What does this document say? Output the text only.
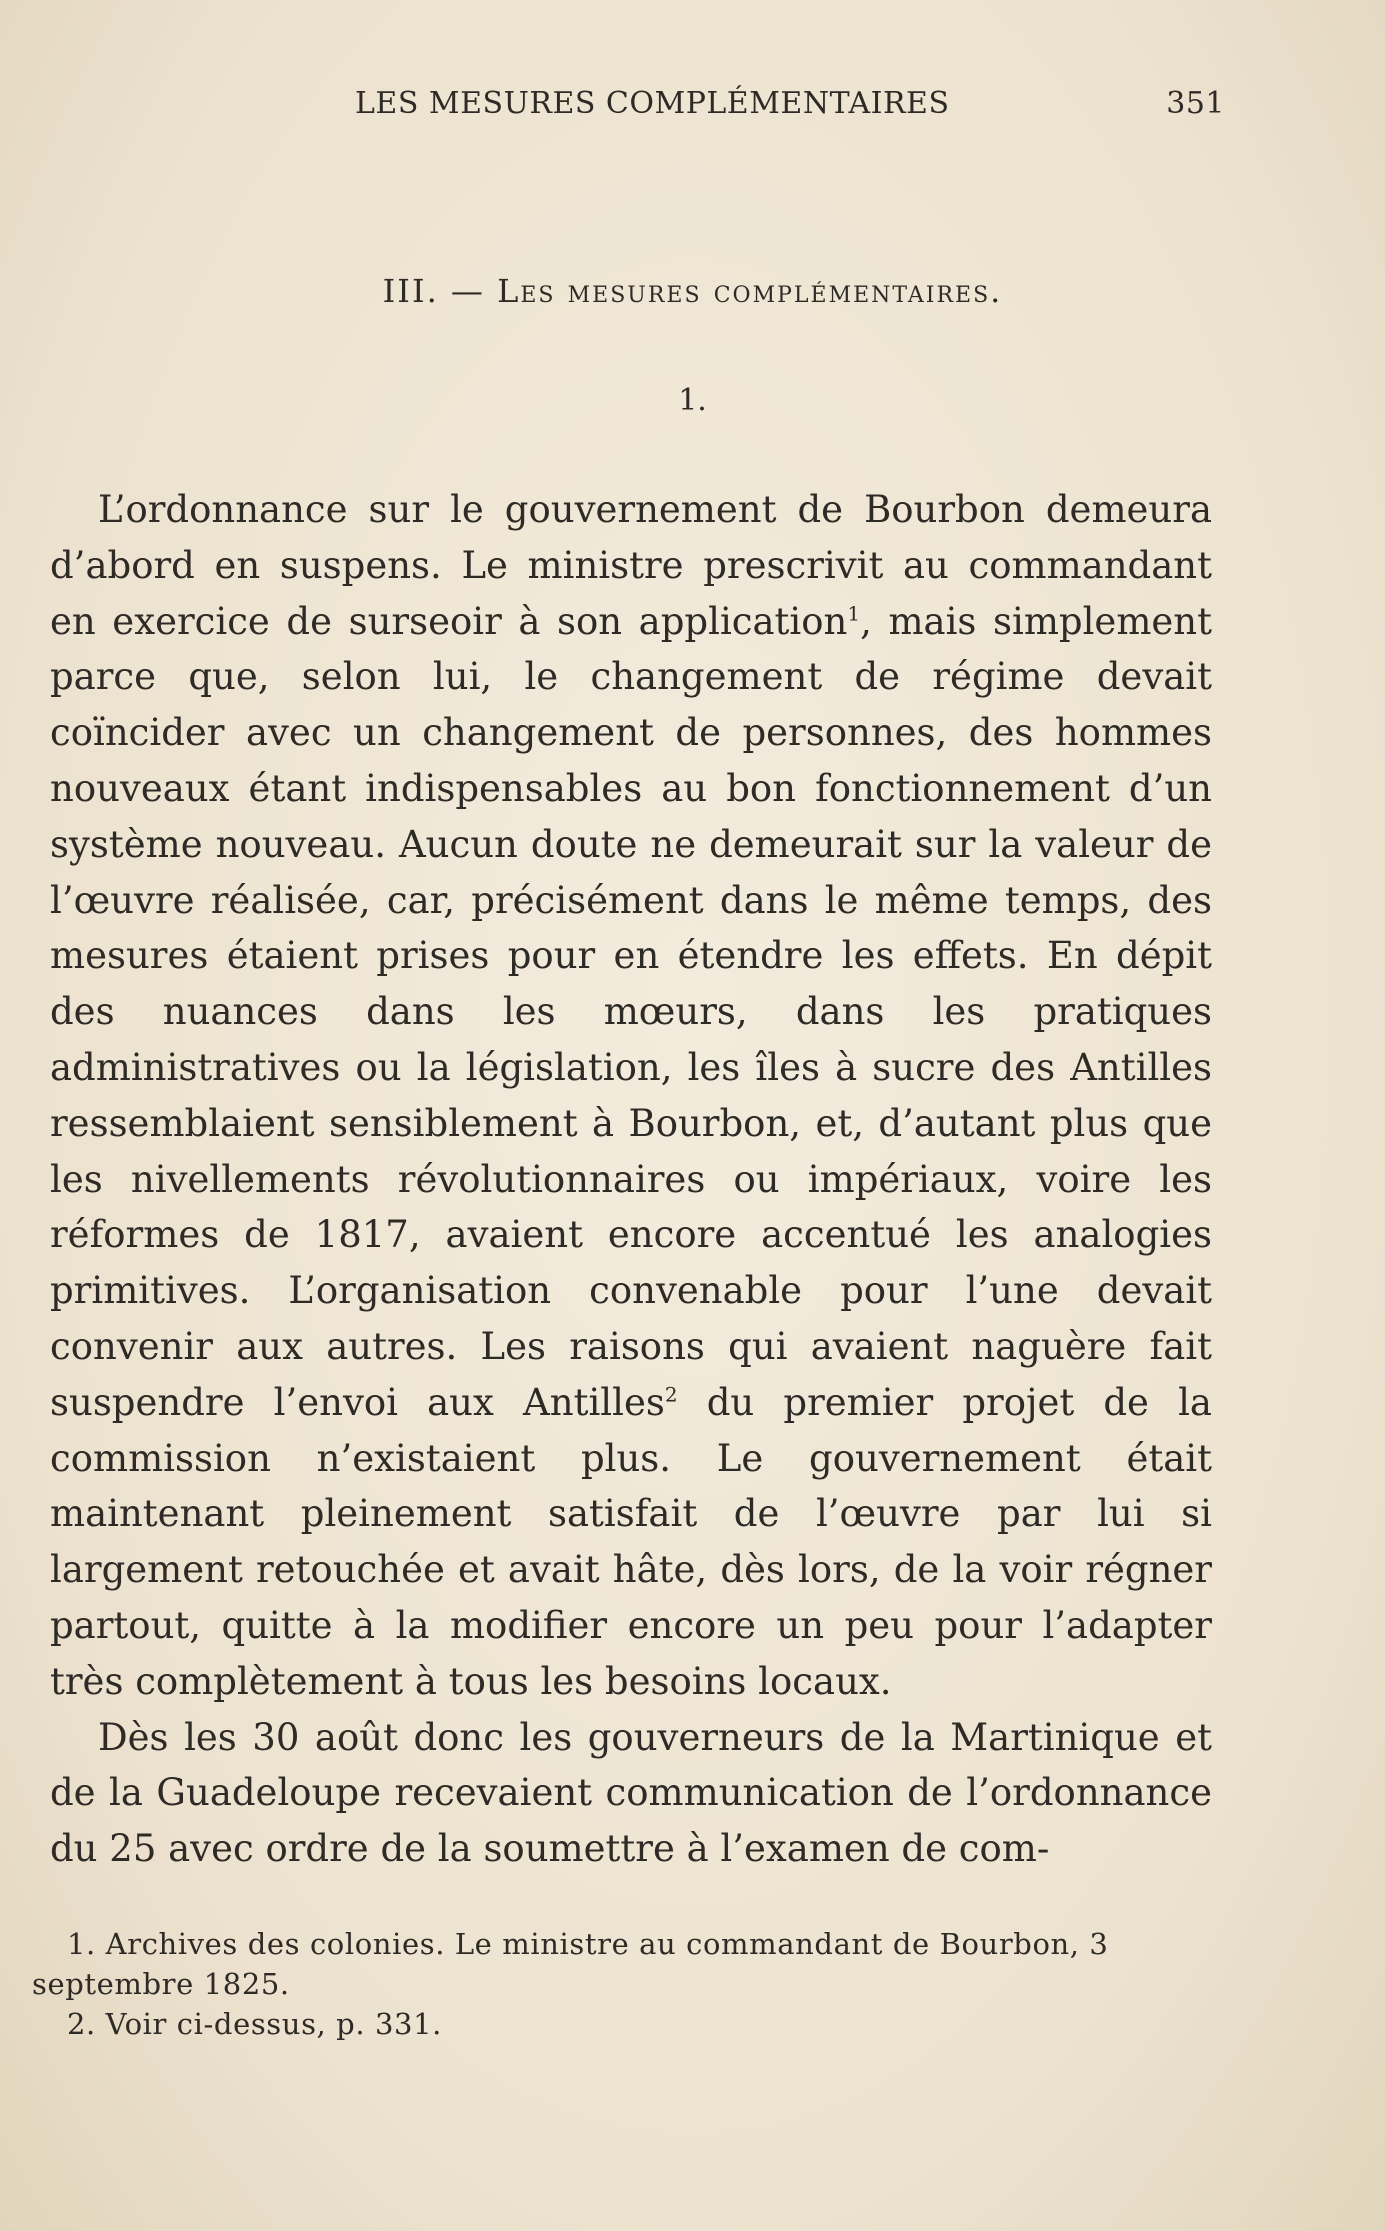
LES MESURES COMPLÉMENTAIRES	351
III. — Les mesures complémentaires.
1.

L’ordonnance sur le gouvernement de Bourbon demeura d’abord en suspens. Le ministre prescrivit au commandant en exercice de surseoir à son application$^1$, mais simplement parce que, selon lui, le changement de régime devait coïncider avec un changement de personnes, des hommes nouveaux étant indispensables au bon fonctionnement d’un système nouveau. Aucun doute ne demeurait sur la valeur de l’œuvre réalisée, car, précisément dans le même temps, des mesures étaient prises pour en étendre les effets. En dépit des nuances dans les mœurs, dans les pratiques administratives ou la législation, les îles à sucre des Antilles ressemblaient sensiblement à Bourbon, et, d’autant plus que les nivellements révolutionnaires ou impériaux, voire les réformes de 1817, avaient encore accentué les analogies primitives. L’organisation convenable pour l’une devait convenir aux autres. Les raisons qui avaient naguère fait suspendre l’envoi aux Antilles$^2$ du premier projet de la commission n’existaient plus. Le gouvernement était maintenant pleinement satisfait de l’œuvre par lui si largement retouchée et avait hâte, dès lors, de la voir régner partout, quitte à la modifier encore un peu pour l’adapter très complètement à tous les besoins locaux.

Dès les 30 août donc les gouverneurs de la Martinique et de la Guadeloupe recevaient communication de l’ordonnance du 25 avec ordre de la soumettre à l’examen de com-

1. Archives des colonies. Le ministre au commandant de Bourbon, 3 septembre 1825.

2. Voir ci-dessus, p. 331.
